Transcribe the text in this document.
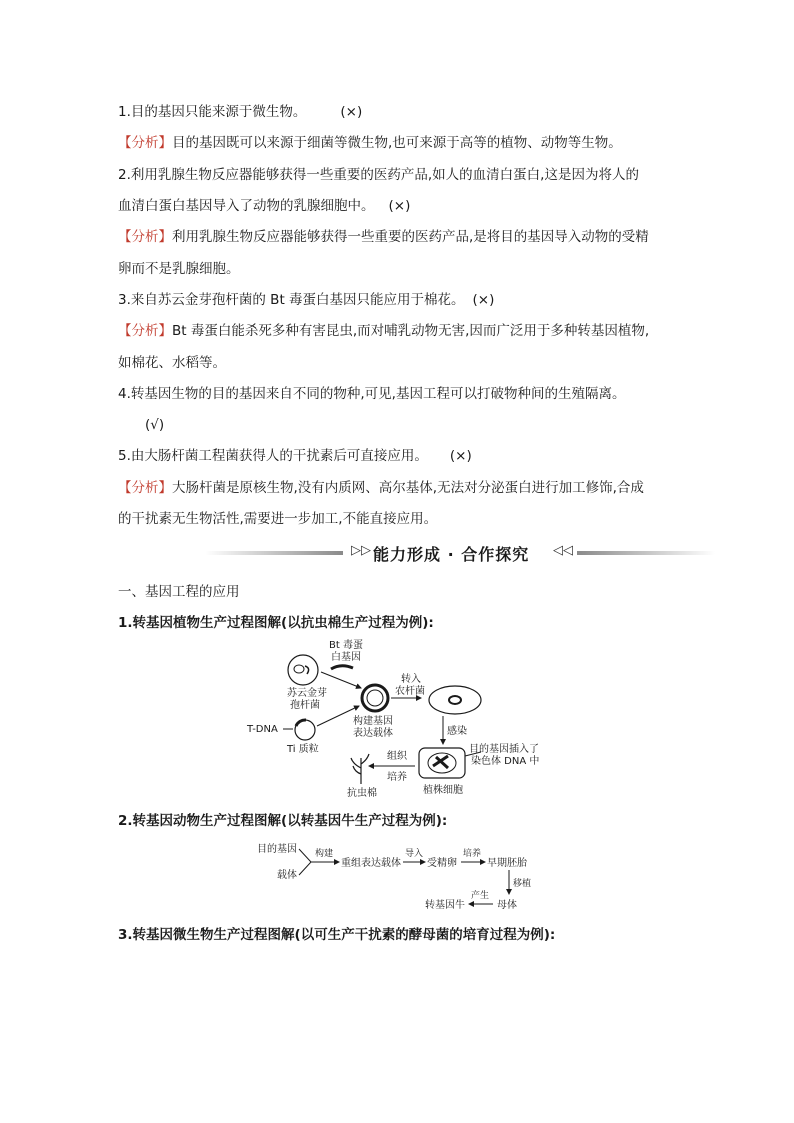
1.目的基因只能来源于微生物。	(×)
【分析】目的基因既可以来源于细菌等微生物,也可来源于高等的植物、动物等生物。
2.利用乳腺生物反应器能够获得一些重要的医药产品,如人的血清白蛋白,这是因为将人的
血清白蛋白基因导入了动物的乳腺细胞中。 (×)
【分析】利用乳腺生物反应器能够获得一些重要的医药产品,是将目的基因导入动物的受精
卵而不是乳腺细胞。
3.来自苏云金芽孢杆菌的 Bt 毒蛋白基因只能应用于棉花。 (×)
【分析】Bt 毒蛋白能杀死多种有害昆虫,而对哺乳动物无害,因而广泛用于多种转基因植物,
如棉花、水稻等。
4.转基因生物的目的基因来自不同的物种,可见,基因工程可以打破物种间的生殖隔离。
(√)
5.由大肠杆菌工程菌获得人的干扰素后可直接应用。 (×)
【分析】大肠杆菌是原核生物,没有内质网、高尔基体,无法对分泌蛋白进行加工修饰,合成
的干扰素无生物活性,需要进一步加工,不能直接应用。
▷▷ 能力形成 · 合作探究 ◁◁
一、基因工程的应用
1.转基因植物生产过程图解(以抗虫棉生产过程为例):
苏云金芽
孢杆菌
Bt 毒蛋
白基因
构建基因
表达载体
T-DNA
Ti 质粒
转入
农杆菌
感染
植株细胞
目的基因插入了
染色体 DNA 中
组织
培养
抗虫棉
2.转基因动物生产过程图解(以转基因牛生产过程为例):
目的基因
载体
构建
重组表达载体
导入
受精卵
培养
早期胚胎
移植
母体
产生
转基因牛
3.转基因微生物生产过程图解(以可生产干扰素的酵母菌的培育过程为例):
